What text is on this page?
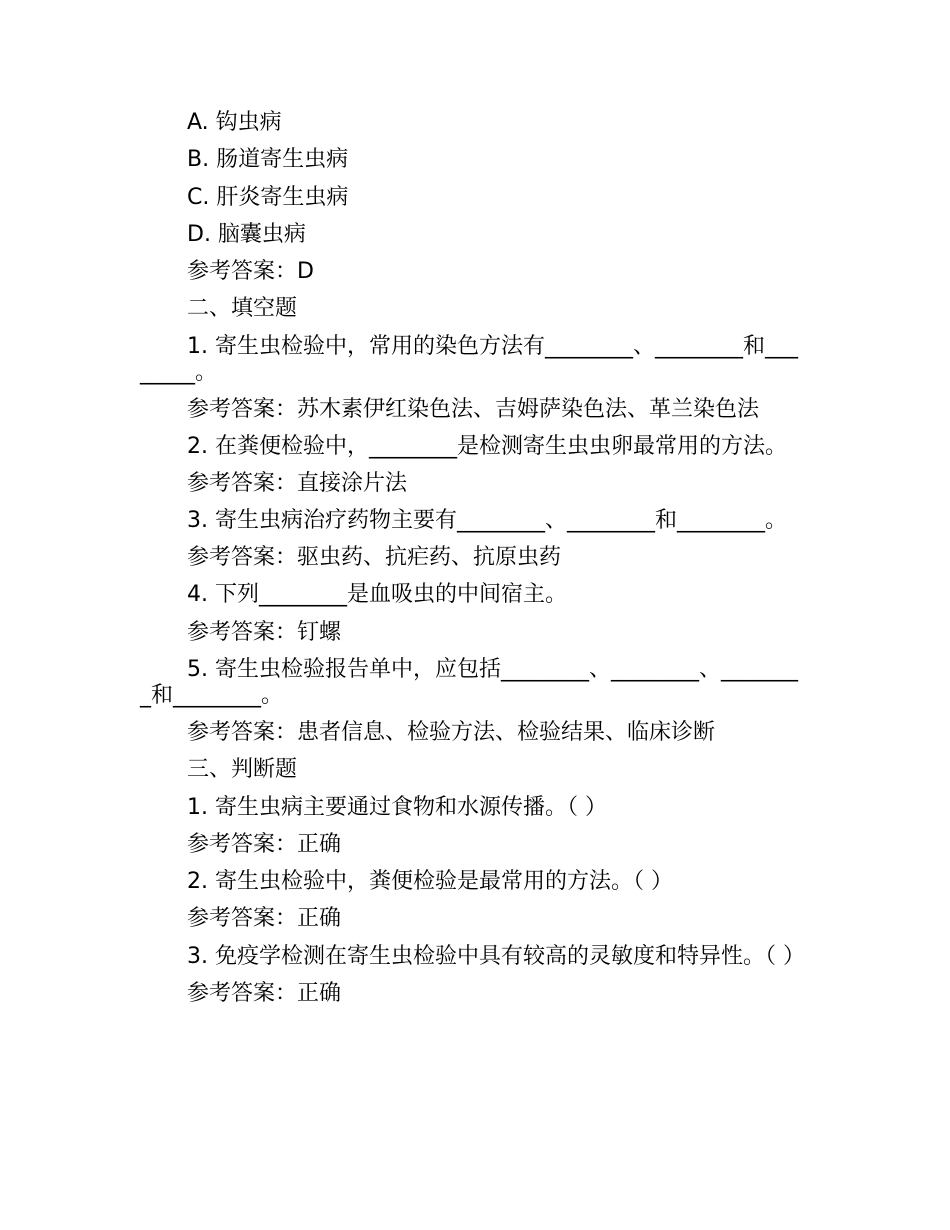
A. 钩虫病

B. 肠道寄生虫病

C. 肝炎寄生虫病

D. 脑囊虫病

参考答案：D

二、填空题

1. 寄生虫检验中，常用的染色方法有________、________和________。

参考答案：苏木素伊红染色法、吉姆萨染色法、革兰染色法

2. 在粪便检验中，________是检测寄生虫虫卵最常用的方法。

参考答案：直接涂片法

3. 寄生虫病治疗药物主要有________、________和________。

参考答案：驱虫药、抗疟药、抗原虫药

4. 下列________是血吸虫的中间宿主。

参考答案：钉螺

5. 寄生虫检验报告单中，应包括________、________、________和________。

参考答案：患者信息、检验方法、检验结果、临床诊断

三、判断题

1. 寄生虫病主要通过食物和水源传播。（ ）

参考答案：正确

2. 寄生虫检验中，粪便检验是最常用的方法。（ ）

参考答案：正确

3. 免疫学检测在寄生虫检验中具有较高的灵敏度和特异性。（ ）

参考答案：正确
